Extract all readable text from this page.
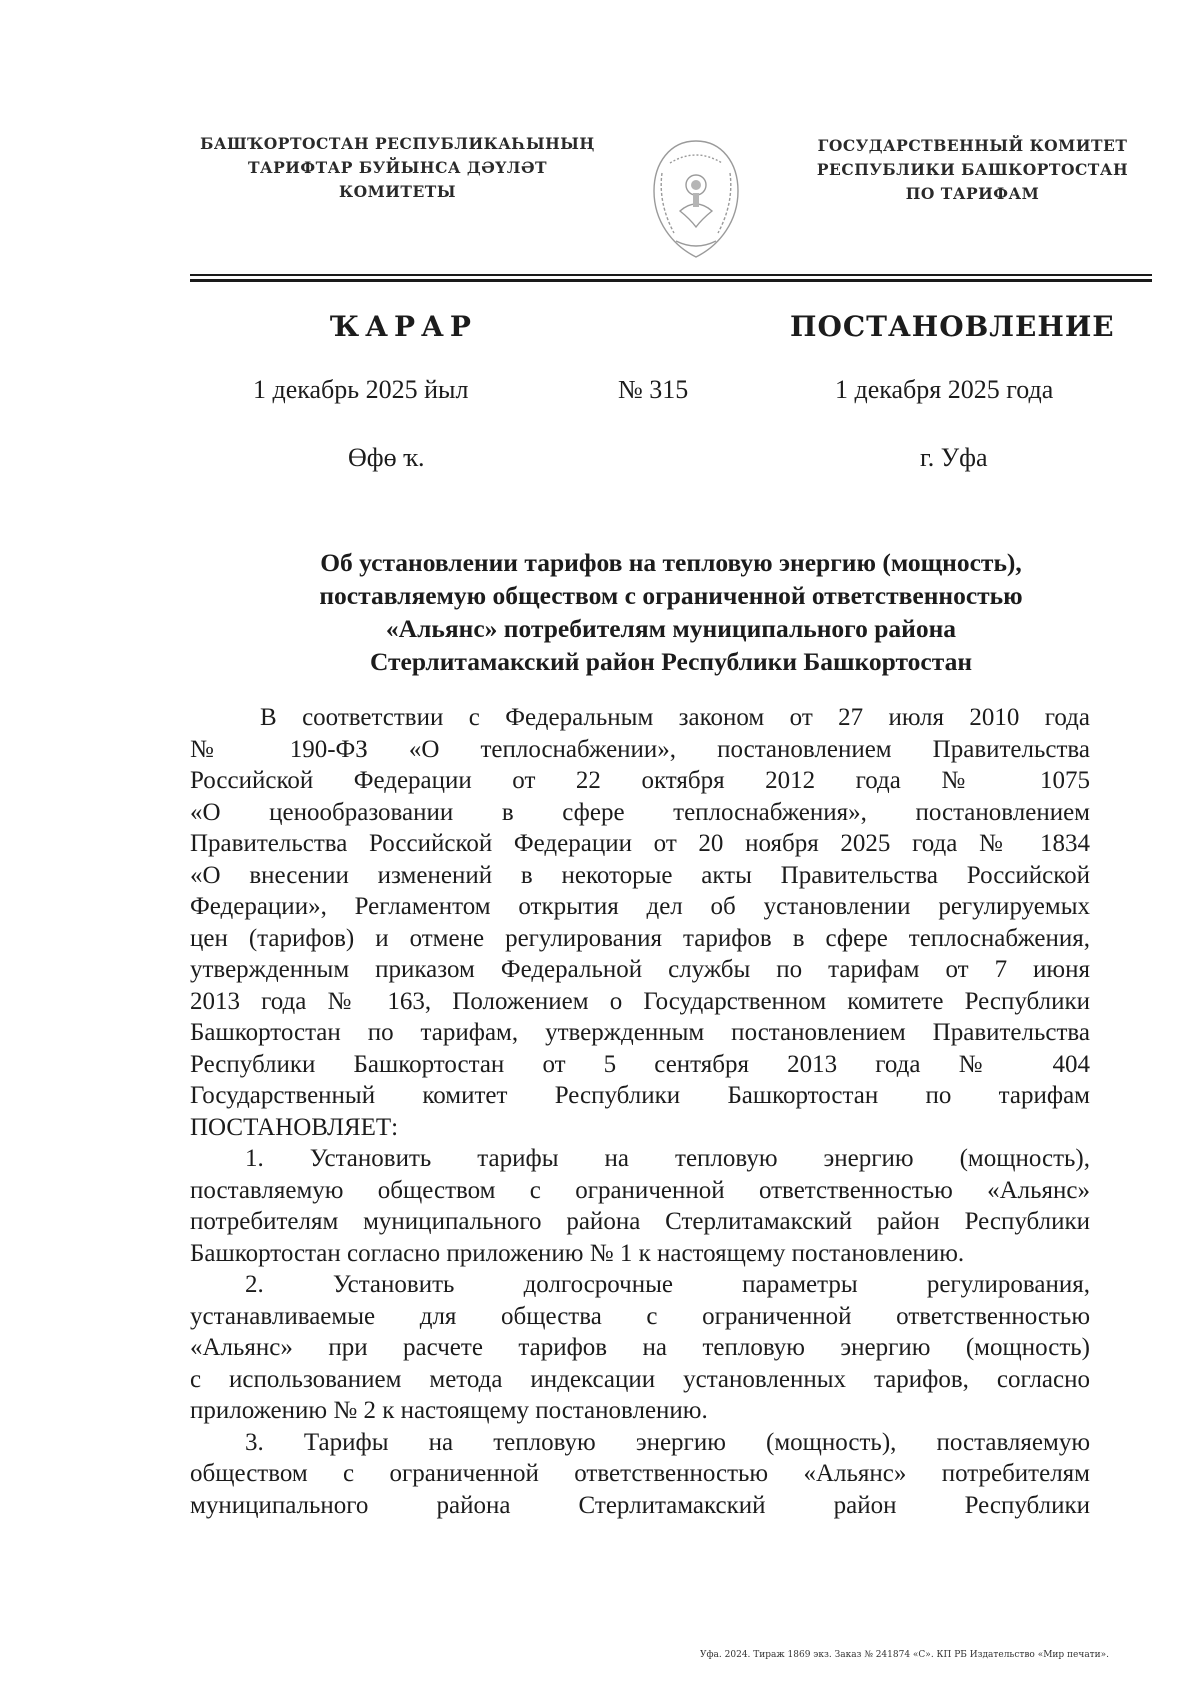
БАШҠОРТОСТАН РЕСПУБЛИКАҺЫНЫҢ
ТАРИФТАР БУЙЫНСА ДӘҮЛӘТ
КОМИТЕТЫ
ГОСУДАРСТВЕННЫЙ КОМИТЕТ
РЕСПУБЛИКИ БАШКОРТОСТАН
ПО ТАРИФАМ
ҠАРАР	ПОСТАНОВЛЕНИЕ
1 декабрь 2025 йыл	№ 315	1 декабря 2025 года
Өфө ҡ.	г. Уфа
Об установлении тарифов на тепловую энергию (мощность),
поставляемую обществом с ограниченной ответственностью
«Альянс» потребителям муниципального района
Стерлитамакский район Республики Башкортостан
В соответствии с Федеральным законом от 27 июля 2010 года
№ 190-ФЗ «О теплоснабжении», постановлением Правительства
Российской Федерации от 22 октября 2012 года № 1075
«О ценообразовании в сфере теплоснабжения», постановлением
Правительства Российской Федерации от 20 ноября 2025 года № 1834
«О внесении изменений в некоторые акты Правительства Российской
Федерации», Регламентом открытия дел об установлении регулируемых
цен (тарифов) и отмене регулирования тарифов в сфере теплоснабжения,
утвержденным приказом Федеральной службы по тарифам от 7 июня
2013 года № 163, Положением о Государственном комитете Республики
Башкортостан по тарифам, утвержденным постановлением Правительства
Республики Башкортостан от 5 сентября 2013 года № 404
Государственный комитет Республики Башкортостан по тарифам
ПОСТАНОВЛЯЕТ:
1. Установить тарифы на тепловую энергию (мощность),
поставляемую обществом с ограниченной ответственностью «Альянс»
потребителям муниципального района Стерлитамакский район Республики
Башкортостан согласно приложению № 1 к настоящему постановлению.
2. Установить долгосрочные параметры регулирования,
устанавливаемые для общества с ограниченной ответственностью
«Альянс» при расчете тарифов на тепловую энергию (мощность)
с использованием метода индексации установленных тарифов, согласно
приложению № 2 к настоящему постановлению.
3. Тарифы на тепловую энергию (мощность), поставляемую
обществом с ограниченной ответственностью «Альянс» потребителям
муниципального района Стерлитамакский район Республики
Уфа. 2024. Тираж 1869 экз. Заказ № 241874 «С». КП РБ Издательство «Мир печати».
